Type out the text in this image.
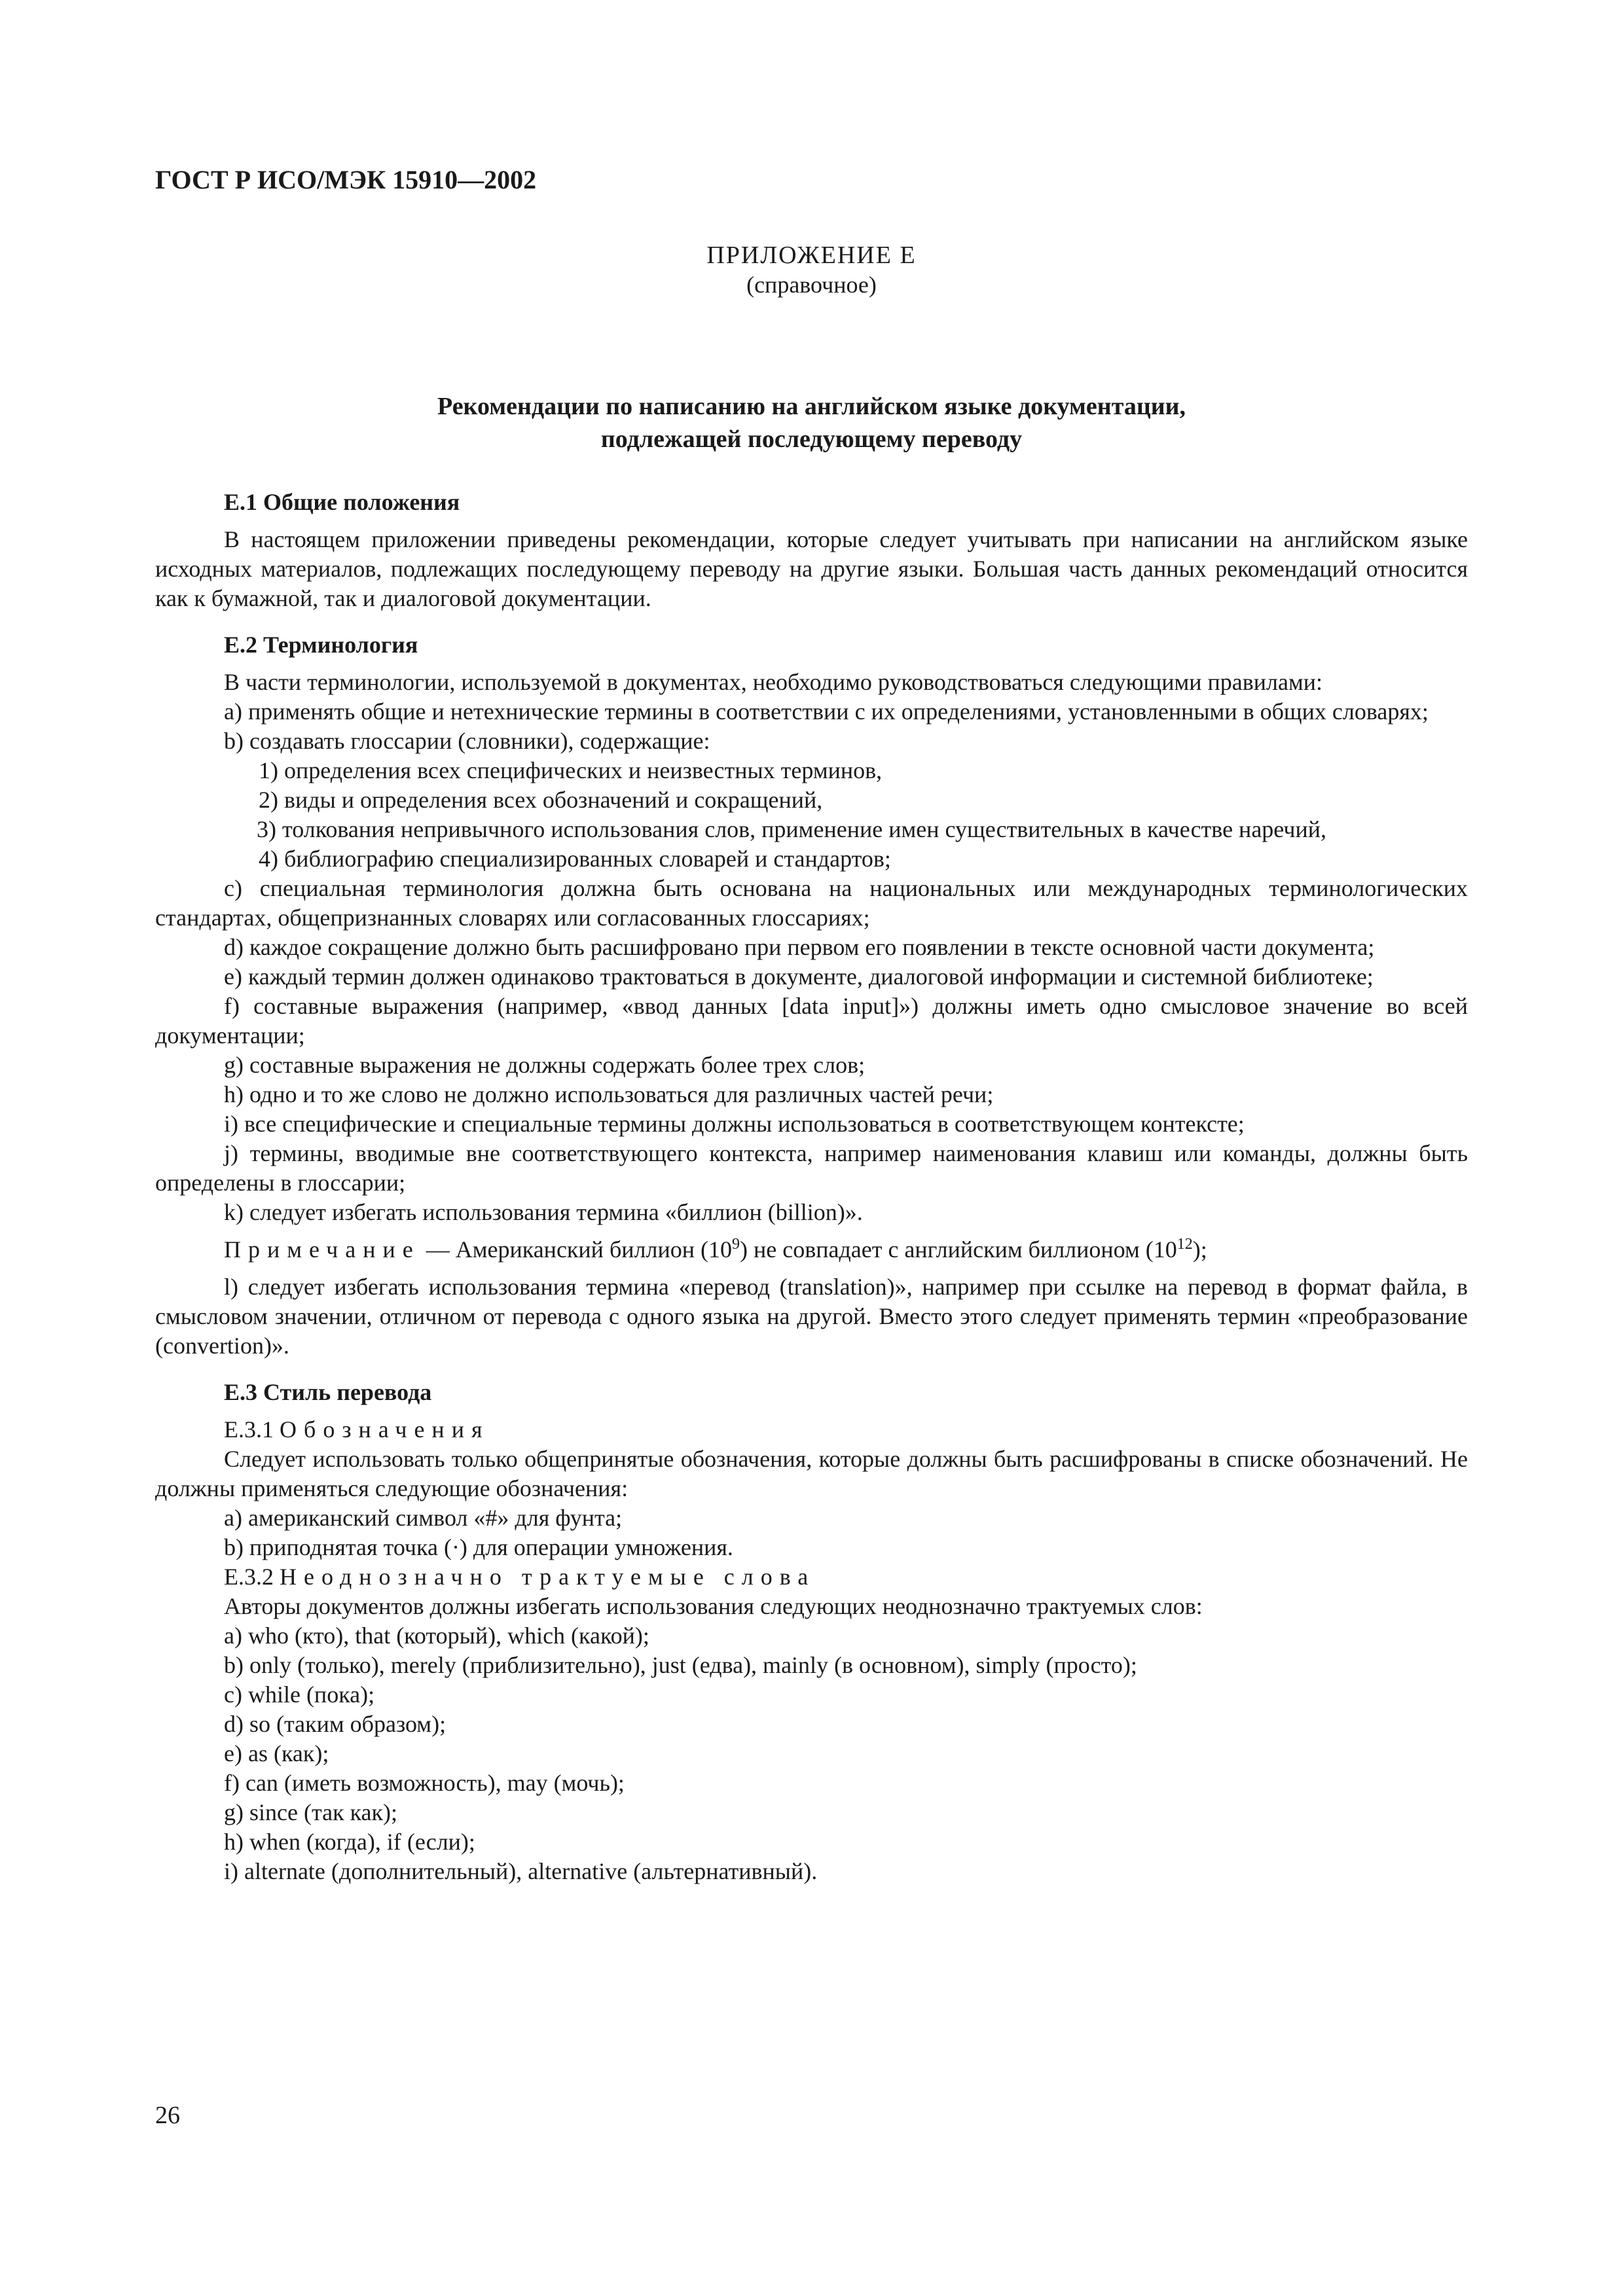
ГОСТ Р ИСО/МЭК 15910—2002
ПРИЛОЖЕНИЕ Е
(справочное)
Рекомендации по написанию на английском языке документации,
подлежащей последующему переводу
Е.1 Общие положения
В настоящем приложении приведены рекомендации, которые следует учитывать при написании на английском языке исходных материалов, подлежащих последующему переводу на другие языки. Большая часть данных рекомендаций относится как к бумажной, так и диалоговой документации.
Е.2 Терминология
В части терминологии, используемой в документах, необходимо руководствоваться следующими правилами:
a) применять общие и нетехнические термины в соответствии с их определениями, установленными в общих словарях;
b) создавать глоссарии (словники), содержащие:
1) определения всех специфических и неизвестных терминов,
2) виды и определения всех обозначений и сокращений,
3) толкования непривычного использования слов, применение имен существительных в качестве наречий,
4) библиографию специализированных словарей и стандартов;
c) специальная терминология должна быть основана на национальных или международных терминологических стандартах, общепризнанных словарях или согласованных глоссариях;
d) каждое сокращение должно быть расшифровано при первом его появлении в тексте основной части документа;
e) каждый термин должен одинаково трактоваться в документе, диалоговой информации и системной библиотеке;
f) составные выражения (например, «ввод данных [data input]») должны иметь одно смысловое значение во всей документации;
g) составные выражения не должны содержать более трех слов;
h) одно и то же слово не должно использоваться для различных частей речи;
i) все специфические и специальные термины должны использоваться в соответствующем контексте;
j) термины, вводимые вне соответствующего контекста, например наименования клавиш или команды, должны быть определены в глоссарии;
k) следует избегать использования термина «биллион (billion)».
Примечание — Американский биллион $(10^9)$ не совпадает с английским биллионом $(10^{12})$;
l) следует избегать использования термина «перевод (translation)», например при ссылке на перевод в формат файла, в смысловом значении, отличном от перевода с одного языка на другой. Вместо этого следует применять термин «преобразование (convertion)».
Е.3 Стиль перевода
Е.3.1 Обозначения
Следует использовать только общепринятые обозначения, которые должны быть расшифрованы в списке обозначений. Не должны применяться следующие обозначения:
a) американский символ «#» для фунта;
b) приподнятая точка (·) для операции умножения.
Е.3.2 Неоднозначно трактуемые слова
Авторы документов должны избегать использования следующих неоднозначно трактуемых слов:
a) who (кто), that (который), which (какой);
b) only (только), merely (приблизительно), just (едва), mainly (в основном), simply (просто);
c) while (пока);
d) so (таким образом);
e) as (как);
f) can (иметь возможность), may (мочь);
g) since (так как);
h) when (когда), if (если);
i) alternate (дополнительный), alternative (альтернативный).
26
